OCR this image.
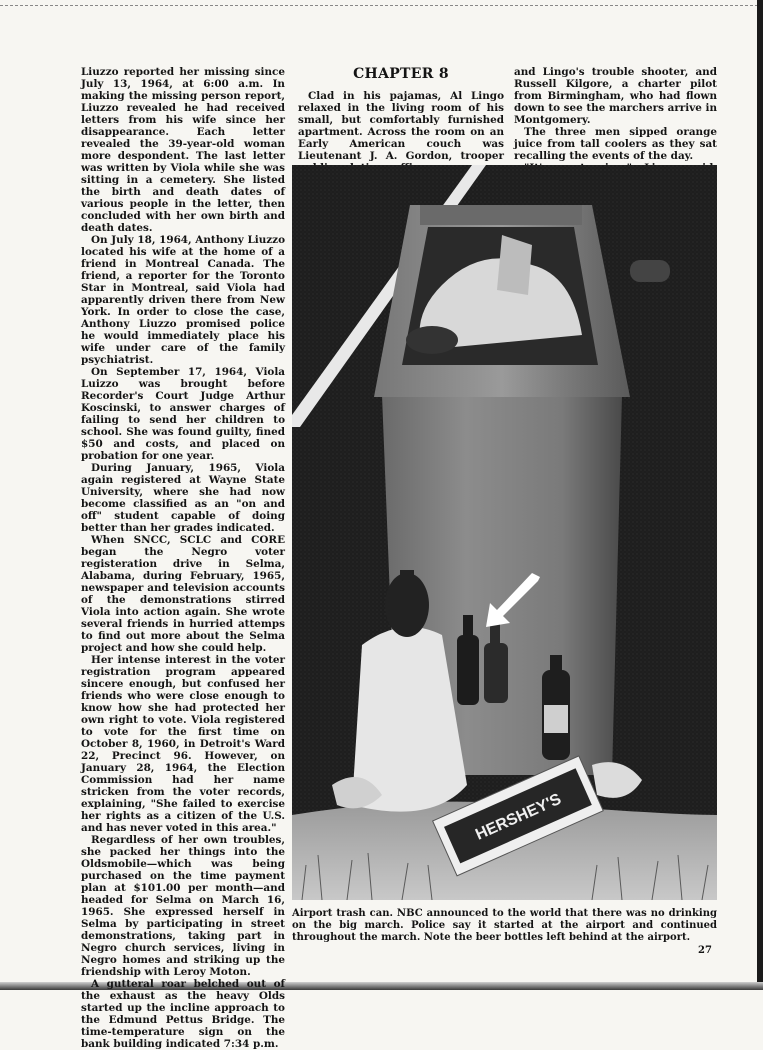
Liuzzo reported her missing since July 13, 1964, at 6:00 a.m. In making the missing person report, Liuzzo revealed he had received letters from his wife since her disappearance. Each letter revealed the 39-year-old woman more despondent. The last letter was written by Viola while she was sitting in a cemetery. She listed the birth and death dates of various people in the letter, then concluded with her own birth and death dates.

On July 18, 1964, Anthony Liuzzo located his wife at the home of a friend in Montreal Canada. The friend, a reporter for the Toronto Star in Montreal, said Viola had apparently driven there from New York. In order to close the case, Anthony Liuzzo promised police he would immediately place his wife under care of the family psychiatrist.

On September 17, 1964, Viola Luizzo was brought before Recorder's Court Judge Arthur Koscinski, to answer charges of failing to send her children to school. She was found guilty, fined $50 and costs, and placed on probation for one year.

During January, 1965, Viola again registered at Wayne State University, where she had now become classified as an "on and off" student capable of doing better than her grades indicated.

When SNCC, SCLC and CORE began the Negro voter registeration drive in Selma, Alabama, during February, 1965, newspaper and television accounts of the demonstrations stirred Viola into action again. She wrote several friends in hurried attemps to find out more about the Selma project and how she could help.

Her intense interest in the voter registration program appeared sincere enough, but confused her friends who were close enough to know how she had protected her own right to vote. Viola registered to vote for the first time on October 8, 1960, in Detroit's Ward 22, Precinct 96. However, on January 28, 1964, the Election Commission had her name stricken from the voter records, explaining, "She failed to exercise her rights as a citizen of the U.S. and has never voted in this area."

Regardless of her own troubles, she packed her things into the Oldsmobile—which was being purchased on the time payment plan at $101.00 per month—and headed for Selma on March 16, 1965. She expressed herself in Selma by participating in street demonstrations, taking part in Negro church services, living in Negro homes and striking up the friendship with Leroy Moton.

A gutteral roar belched out of the exhaust as the heavy Olds started up the incline approach to the Edmund Pettus Bridge. The time-temperature sign on the bank building indicated 7:34 p.m.

CHAPTER 8

Clad in his pajamas, Al Lingo relaxed in the living room of his small, but comfortably furnished apartment. Across the room on an Early American couch was Lieutenant J. A. Gordon, trooper

and Lingo's trouble shooter, and Russell Kilgore, a charter pilot from Birmingham, who had flown down to see the marchers arrive in Montgomery.

The three men sipped orange juice from tall coolers as they sat recalling the events of the day.

HERSHEY'S
Airport trash can. NBC announced to the world that there was no drinking on the big march. Police say it started at the airport and continued throughout the march. Note the beer bottles left behind at the airport.
27
